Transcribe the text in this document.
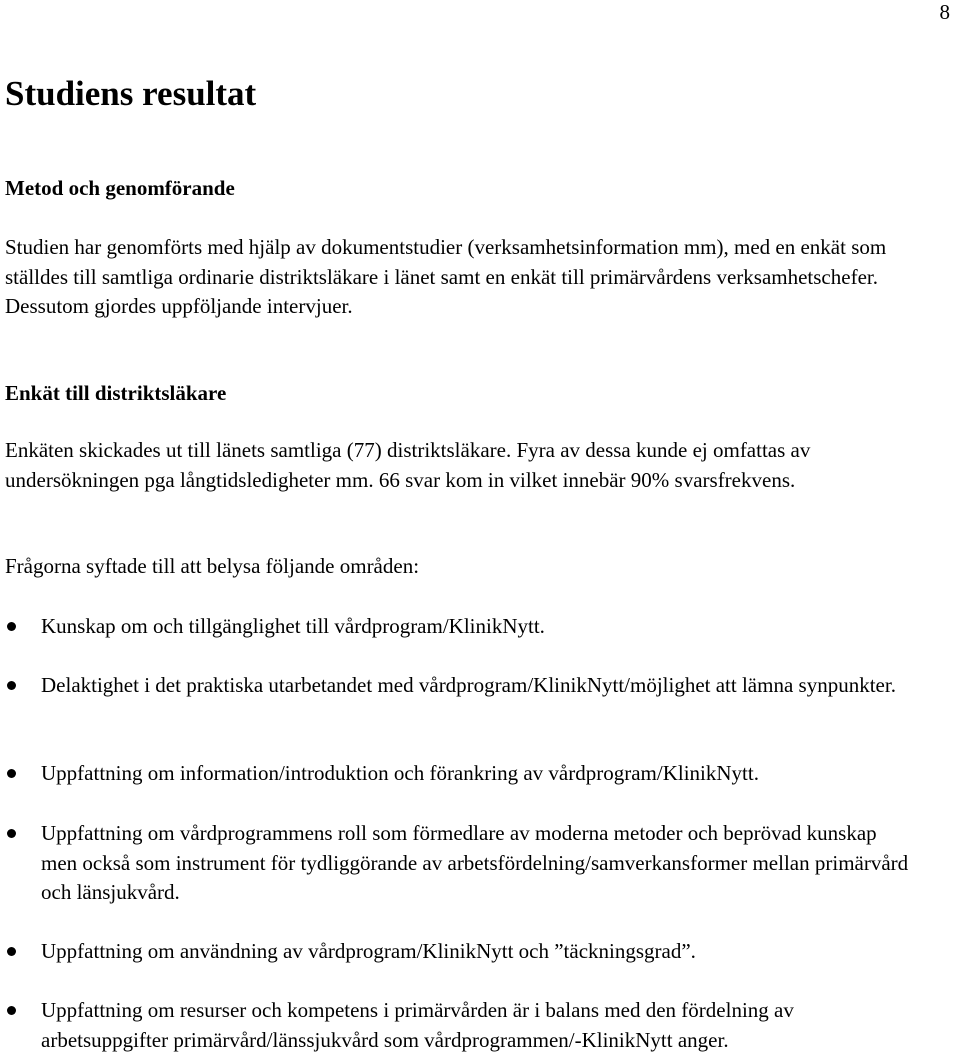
8
Studiens resultat
Metod och genomförande

Studien har genomförts med hjälp av dokumentstudier (verksamhetsinformation mm), med en enkät som ställdes till samtliga ordinarie distriktsläkare i länet samt en enkät till primärvårdens verksamhetschefer. Dessutom gjordes uppföljande intervjuer.

Enkät till distriktsläkare

Enkäten skickades ut till länets samtliga (77) distriktsläkare. Fyra av dessa kunde ej omfattas av undersökningen pga långtidsledigheter mm. 66 svar kom in vilket innebär 90% svarsfrekvens.

Frågorna syftade till att belysa följande områden:

Kunskap om och tillgänglighet till vårdprogram/KlinikNytt.
Delaktighet i det praktiska utarbetandet med vårdprogram/KlinikNytt/möjlighet att lämna synpunkter.
Uppfattning om information/introduktion och förankring av vårdprogram/KlinikNytt.
Uppfattning om vårdprogrammens roll som förmedlare av moderna metoder och beprövad kunskap men också som instrument för tydliggörande av arbetsfördelning/samverkansformer mellan primärvård och länsjukvård.
Uppfattning om användning av vårdprogram/KlinikNytt och ”täckningsgrad”.
Uppfattning om resurser och kompetens i primärvården är i balans med den fördelning av arbetsuppgifter primärvård/länssjukvård som vårdprogrammen/-KlinikNytt anger.
